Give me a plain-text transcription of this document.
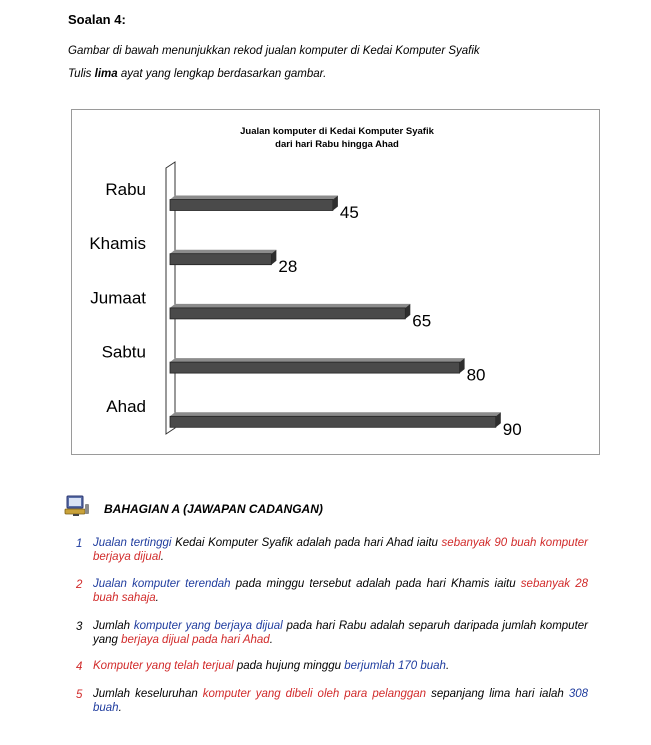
Soalan 4:
Gambar di bawah menunjukkan rekod jualan komputer di Kedai Komputer Syafik
Tulis lima ayat yang lengkap berdasarkan gambar.
Rabu
45
Khamis
28
Jumaat
65
Sabtu
80
Ahad
90
Jualan komputer di Kedai Komputer Syafik
dari hari Rabu hingga Ahad
BAHAGIAN A (JAWAPAN CADANGAN)
1 Jualan tertinggi Kedai Komputer Syafik adalah pada hari Ahad iaitu sebanyak 90 buah komputer berjaya dijual.
2 Jualan komputer terendah pada minggu tersebut adalah pada hari Khamis iaitu sebanyak 28 buah sahaja.
3 Jumlah komputer yang berjaya dijual pada hari Rabu adalah separuh daripada jumlah komputer yang berjaya dijual pada hari Ahad.
4 Komputer yang telah terjual pada hujung minggu berjumlah 170 buah.
5 Jumlah keseluruhan komputer yang dibeli oleh para pelanggan sepanjang lima hari ialah 308 buah.
